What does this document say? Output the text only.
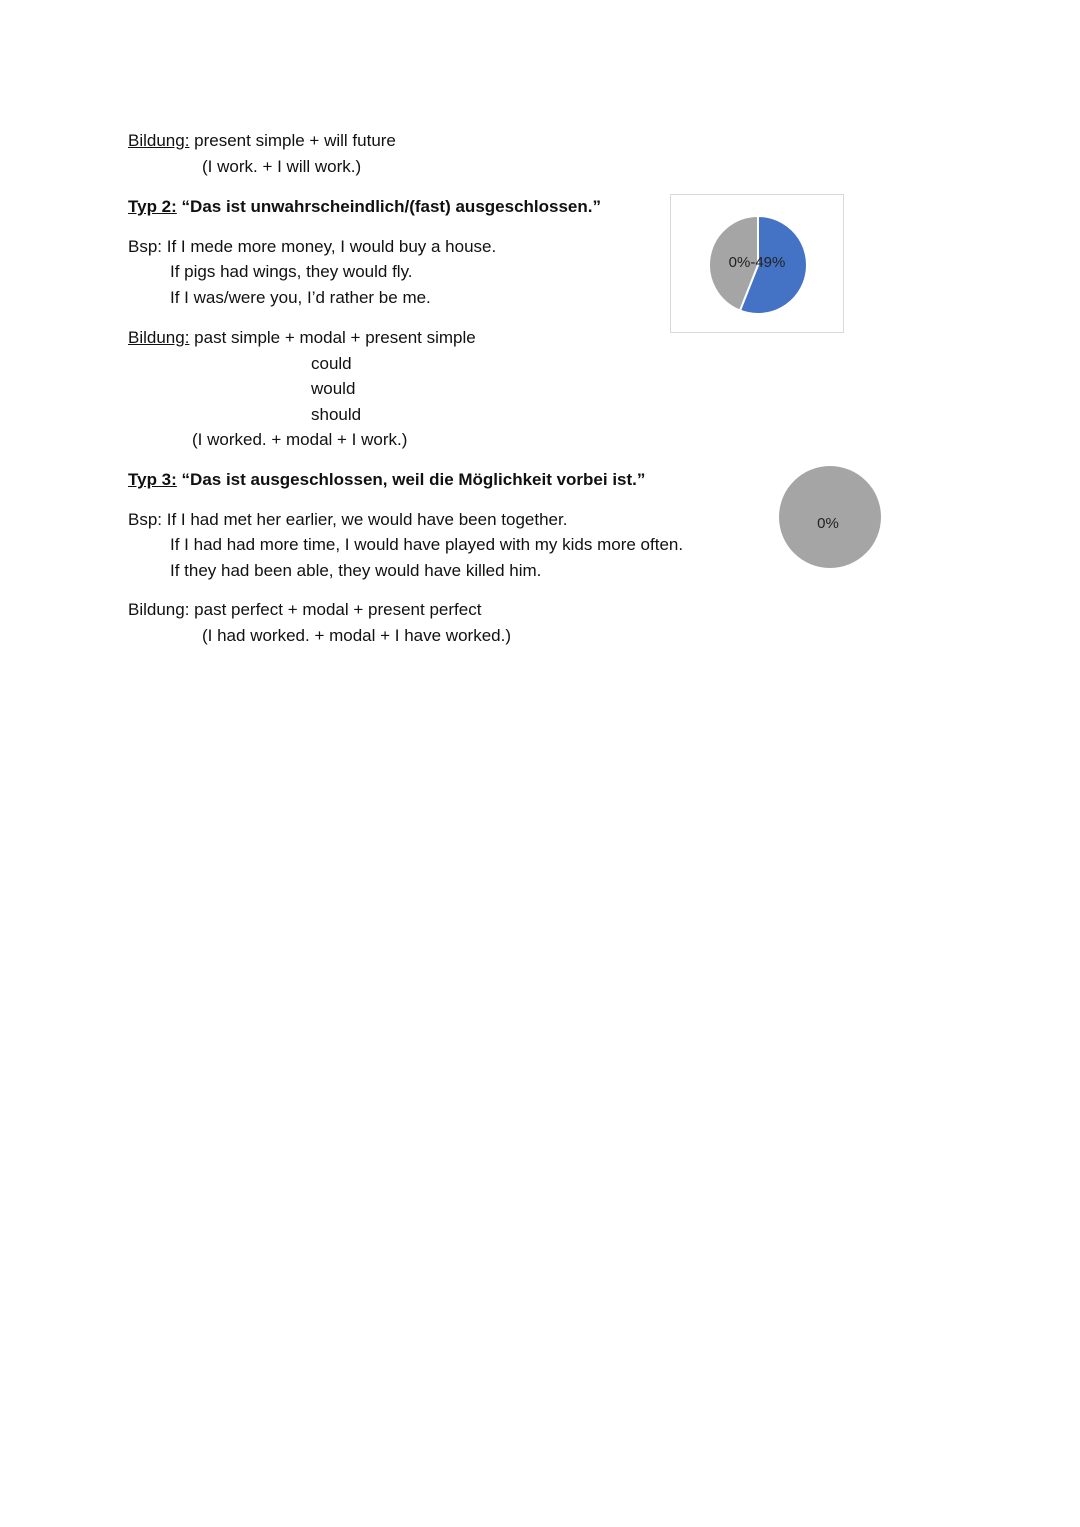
Bildung: present simple + will future
(I work. + I will work.)
Typ 2: “Das ist unwahrscheindlich/(fast) ausgeschlossen.”
Bsp: If I mede more money, I would buy a house.
If pigs had wings, they would fly.
If I was/were you, I’d rather be me.
Bildung: past simple + modal + present simple
could
would
should
(I worked. + modal + I work.)
0%-49%
Typ 3: “Das ist ausgeschlossen, weil die Möglichkeit vorbei ist.”
Bsp: If I had met her earlier, we would have been together.
If I had had more time, I would have played with my kids more often.
If they had been able, they would have killed him.
Bildung: past perfect + modal + present perfect
(I had worked. + modal + I have worked.)
0%
